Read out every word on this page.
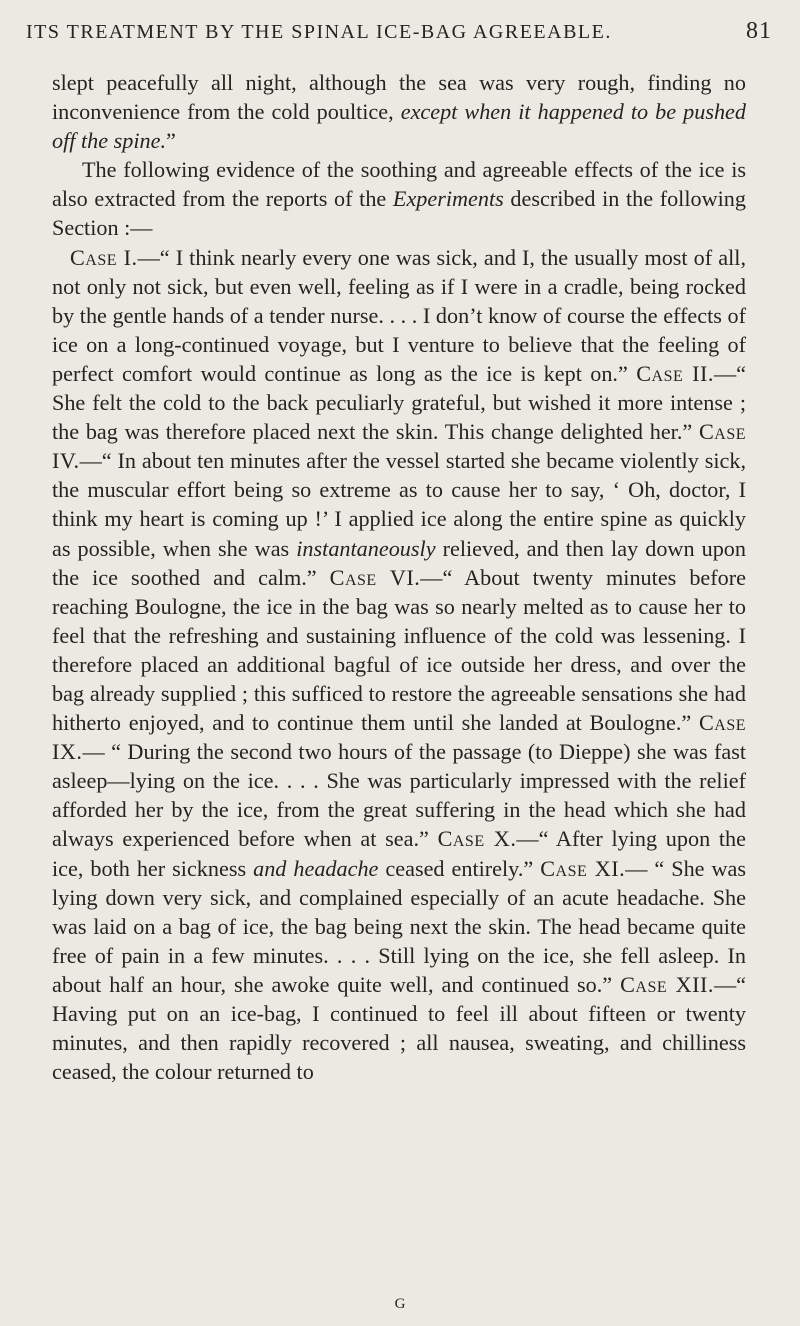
ITS TREATMENT BY THE SPINAL ICE-BAG AGREEABLE.	81

slept peacefully all night, although the sea was very rough, finding no inconvenience from the cold poultice, except when it happened to be pushed off the spine.”

The following evidence of the soothing and agreeable effects of the ice is also extracted from the reports of the Experiments described in the following Section :—

Case I.—“ I think nearly every one was sick, and I, the usually most of all, not only not sick, but even well, feeling as if I were in a cradle, being rocked by the gentle hands of a tender nurse. . . . I don’t know of course the effects of ice on a long-continued voyage, but I venture to believe that the feeling of perfect comfort would continue as long as the ice is kept on.” Case II.—“ She felt the cold to the back peculiarly grateful, but wished it more intense ; the bag was therefore placed next the skin. This change delighted her.” Case IV.—“ In about ten minutes after the vessel started she became violently sick, the muscular effort being so extreme as to cause her to say, ‘ Oh, doctor, I think my heart is coming up !’ I applied ice along the entire spine as quickly as possible, when she was instantaneously relieved, and then lay down upon the ice soothed and calm.” Case VI.—“ About twenty minutes before reaching Boulogne, the ice in the bag was so nearly melted as to cause her to feel that the refreshing and sustaining influence of the cold was lessening. I therefore placed an additional bagful of ice outside her dress, and over the bag already supplied ; this sufficed to restore the agreeable sensations she had hitherto enjoyed, and to continue them until she landed at Boulogne.” Case IX.— “ During the second two hours of the passage (to Dieppe) she was fast asleep—lying on the ice. . . . She was particularly impressed with the relief afforded her by the ice, from the great suffering in the head which she had always experienced before when at sea.” Case X.—“ After lying upon the ice, both her sickness and headache ceased entirely.” Case XI.— “ She was lying down very sick, and complained especially of an acute headache. She was laid on a bag of ice, the bag being next the skin. The head became quite free of pain in a few minutes. . . . Still lying on the ice, she fell asleep. In about half an hour, she awoke quite well, and continued so.” Case XII.—“ Having put on an ice-bag, I continued to feel ill about fifteen or twenty minutes, and then rapidly recovered ; all nausea, sweating, and chilliness ceased, the colour returned to

G
